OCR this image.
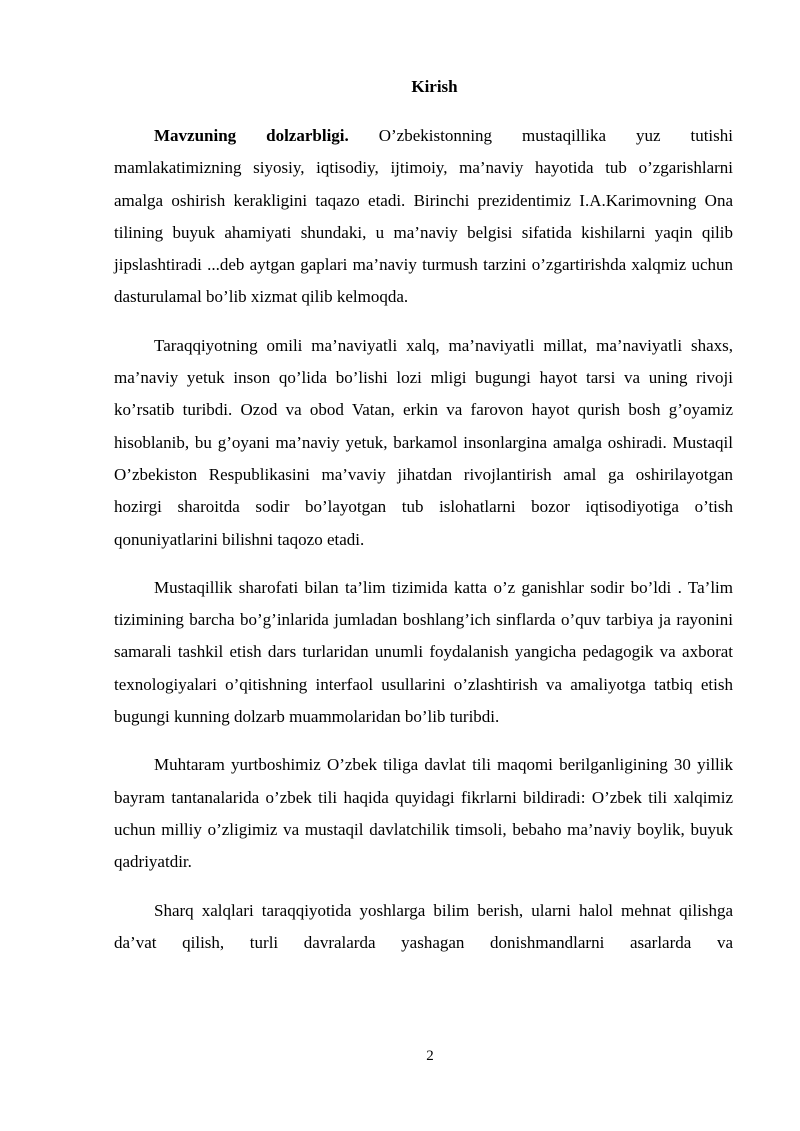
Kirish

Mavzuning dolzarbligi. O’zbekistonning mustaqillika yuz tutishi mamlakatimizning siyosiy, iqtisodiy, ijtimoiy, ma’naviy hayotida tub o’zgarishlarni amalga oshirish kerakligini taqazo etadi. Birinchi prezidentimiz I.A.Karimovning Ona tilining buyuk ahamiyati shundaki, u ma’naviy belgisi sifatida kishilarni yaqin qilib jipslashtiradi ...deb aytgan gaplari ma’naviy turmush tarzini o’zgartirishda xalqmiz uchun dasturulamal bo’lib xizmat qilib kelmoqda.

Taraqqiyotning omili ma’naviyatli xalq, ma’naviyatli millat, ma’naviyatli shaxs, ma’naviy yetuk inson qo’lida bo’lishi lozi mligi bugungi hayot tarsi va uning rivoji ko’rsatib turibdi. Ozod va obod Vatan, erkin va farovon hayot qurish bosh g’oyamiz hisoblanib, bu g’oyani ma’naviy yetuk, barkamol insonlargina amalga oshiradi. Mustaqil O’zbekiston Respublikasini ma’vaviy jihatdan rivojlantirish amal ga oshirilayotgan hozirgi sharoitda sodir bo’layotgan tub islohatlarni bozor iqtisodiyotiga o’tish qonuniyatlarini bilishni taqozo etadi.

Mustaqillik sharofati bilan ta’lim tizimida katta o’z ganishlar sodir bo’ldi . Ta’lim tizimining barcha bo’g’inlarida jumladan boshlang’ich sinflarda o’quv tarbiya ja rayonini samarali tashkil etish dars turlaridan unumli foydalanish yangicha pedagogik va axborat texnologiyalari o’qitishning interfaol usullarini o’zlashtirish va amaliyotga tatbiq etish bugungi kunning dolzarb muammolaridan bo’lib turibdi.

Muhtaram yurtboshimiz O’zbek tiliga davlat tili maqomi berilganligining 30 yillik bayram tantanalarida o’zbek tili haqida quyidagi fikrlarni bildiradi: O’zbek tili xalqimiz uchun milliy o’zligimiz va mustaqil davlatchilik timsoli, bebaho ma’naviy boylik, buyuk qadriyatdir.

Sharq xalqlari taraqqiyotida yoshlarga bilim berish, ularni halol mehnat qilishga da’vat qilish, turli davralarda yashagan donishmandlarni asarlarda va

2
